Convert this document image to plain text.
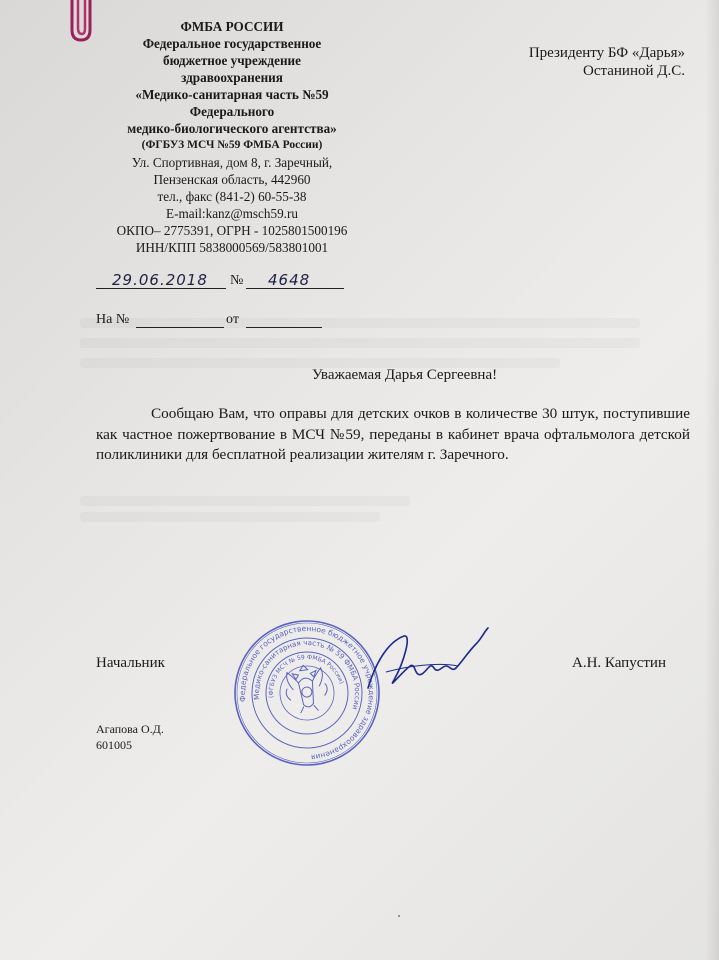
ФМБА РОССИИ
Федеральное государственное
бюджетное учреждение
здравоохранения
«Медико-санитарная часть №59
Федерального
медико-биологического агентства»
(ФГБУЗ МСЧ №59 ФМБА России)
Ул. Спортивная, дом 8, г. Заречный,
Пензенская область, 442960
тел., факс (841-2) 60-55-38
E-mail:kanz@msch59.ru
ОКПО– 2775391, ОГРН - 1025801500196
ИНН/КПП 5838000569/583801001
Президенту БФ «Дарья»
Останиной Д.С.
29.06.2018 № 4648
На №	от
Уважаемая Дарья Сергеевна!
Сообщаю Вам, что оправы для детских очков в количестве 30 штук, поступившие как частное пожертвование в МСЧ №59, переданы в кабинет врача офтальмолога детской поликлиники для бесплатной реализации жителям г. Заречного.
Начальник	А.Н. Капустин
Агапова О.Д.
601005
Федеральное государственное бюджетное учреждение здравоохранения
Медико-санитарная часть № 59 ФМБА России
(ФГБУЗ МСЧ № 59 ФМБА России)
